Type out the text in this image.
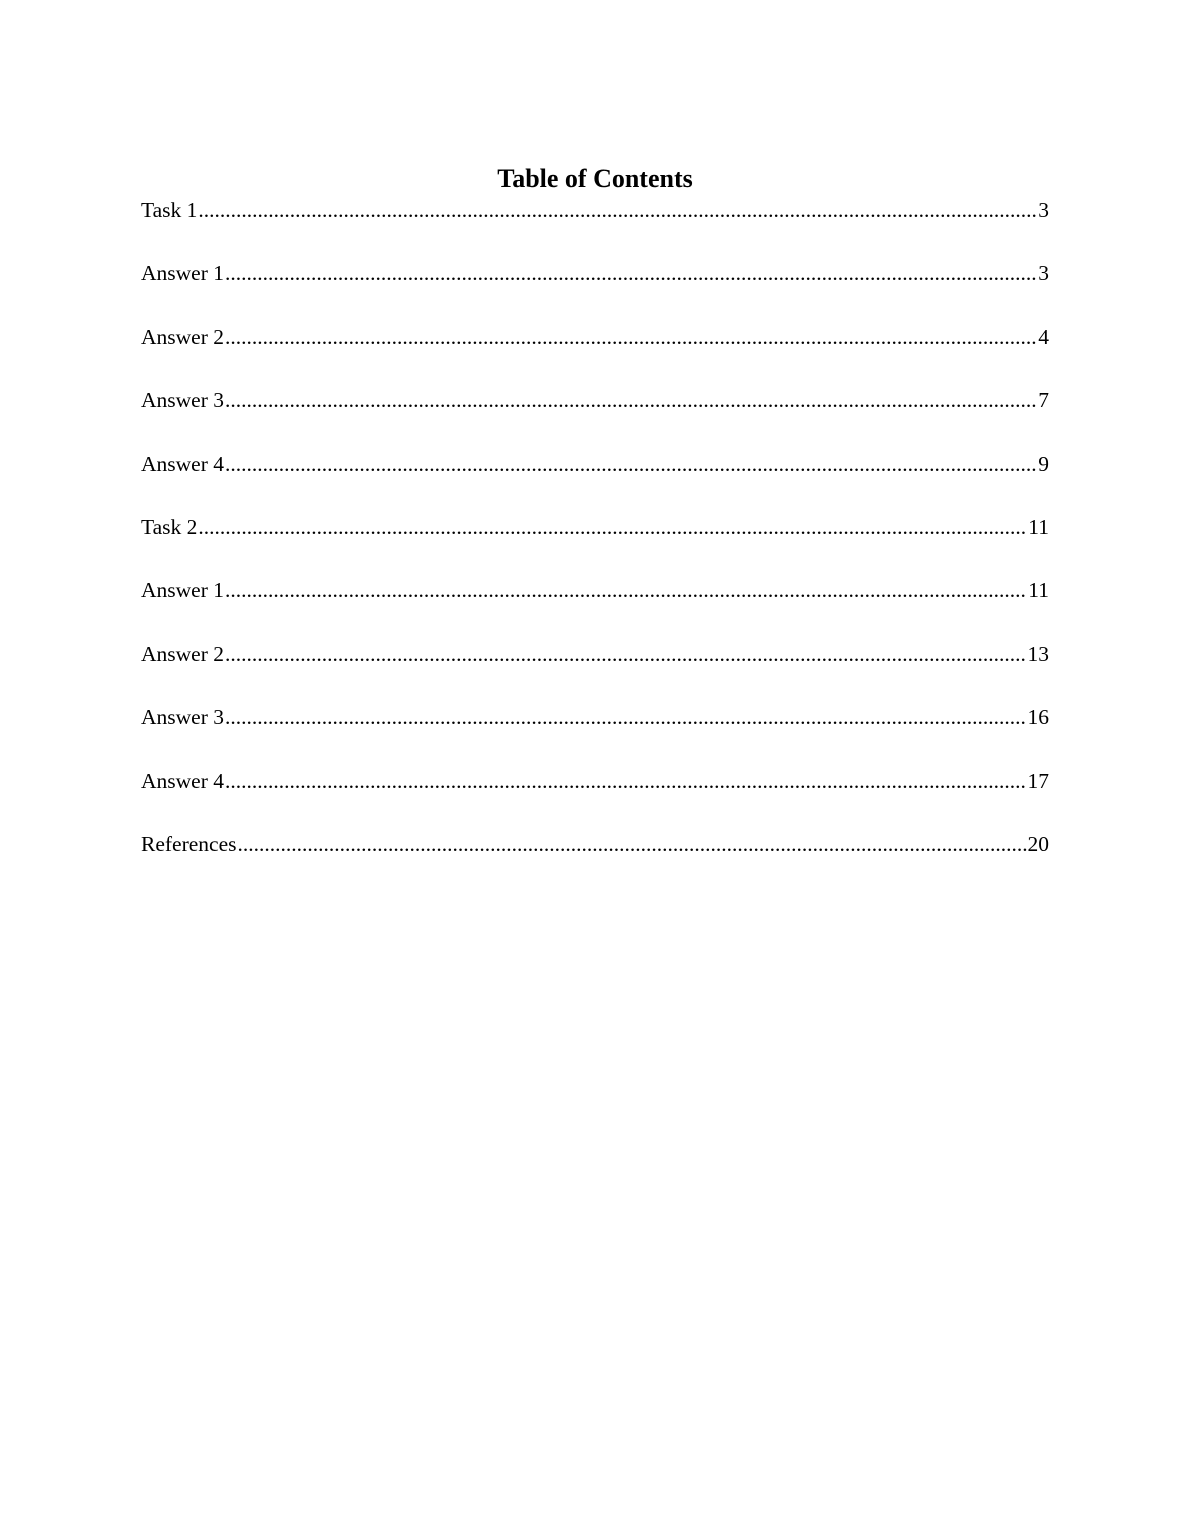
Table of Contents
Task 1 .....	3
Answer 1 .....	3
Answer 2 .....	4
Answer 3 .....	7
Answer 4 .....	9
Task 2 .....	11
Answer 1 .....	11
Answer 2 .....	13
Answer 3 .....	16
Answer 4 .....	17
References .....	20
